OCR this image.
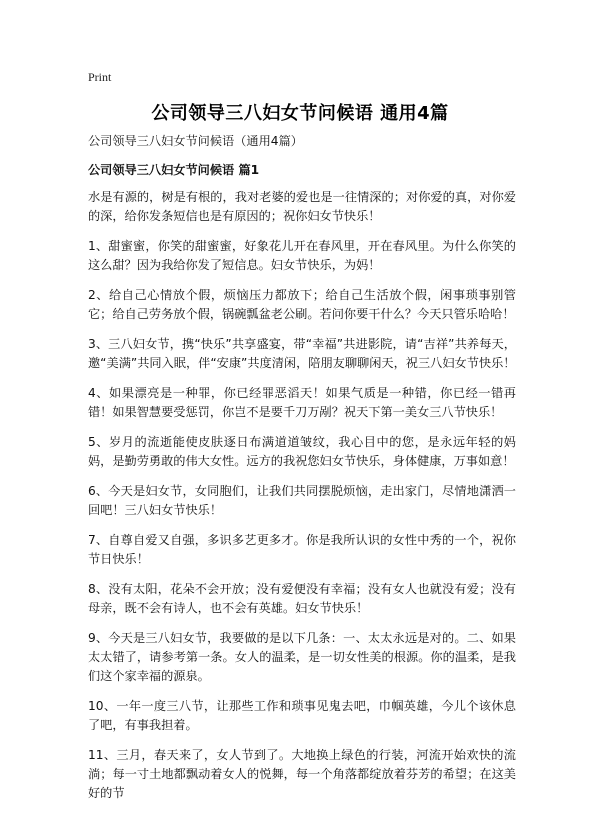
Print
公司领导三八妇女节问候语 通用4篇

公司领导三八妇女节问候语（通用4篇）

公司领导三八妇女节问候语 篇1

水是有源的，树是有根的，我对老婆的爱也是一往情深的；对你爱的真，对你爱的深，给你发条短信也是有原因的；祝你妇女节快乐！

1、甜蜜蜜，你笑的甜蜜蜜，好象花儿开在春风里，开在春风里。为什么你笑的这么甜？因为我给你发了短信息。妇女节快乐，为妈！

2、给自己心情放个假，烦恼压力都放下；给自己生活放个假，闲事琐事别管它；给自己劳务放个假，锅碗瓢盆老公刷。若问你要干什么？今天只管乐哈哈！

3、三八妇女节，携“快乐”共享盛宴，带“幸福”共进影院，请“吉祥”共养每天，邀“美满”共同入眠，伴“安康”共度清闲，陪朋友聊聊闲天，祝三八妇女节快乐！

4、如果漂亮是一种罪，你已经罪恶滔天！如果气质是一种错，你已经一错再错！如果智慧要受惩罚，你岂不是要千刀万剐？祝天下第一美女三八节快乐！

5、岁月的流逝能使皮肤逐日布满道道皱纹，我心目中的您，是永远年轻的妈妈，是勤劳勇敢的伟大女性。远方的我祝您妇女节快乐，身体健康，万事如意！

6、今天是妇女节，女同胞们，让我们共同摆脱烦恼，走出家门，尽情地潇洒一回吧！三八妇女节快乐！

7、自尊自爱又自强，多识多艺更多才。你是我所认识的女性中秀的一个，祝你节日快乐！

8、没有太阳，花朵不会开放；没有爱便没有幸福；没有女人也就没有爱；没有母亲，既不会有诗人，也不会有英雄。妇女节快乐！

9、今天是三八妇女节，我要做的是以下几条：一、太太永远是对的。二、如果太太错了，请参考第一条。女人的温柔，是一切女性美的根源。你的温柔，是我们这个家幸福的源泉。

10、一年一度三八节，让那些工作和琐事见鬼去吧，巾帼英雄，今儿个该休息了吧，有事我担着。

11、三月，春天来了，女人节到了。大地换上绿色的行装，河流开始欢快的流淌；每一寸土地都飘动着女人的悦舞，每一个角落都绽放着芬芳的希望；在这美好的节
